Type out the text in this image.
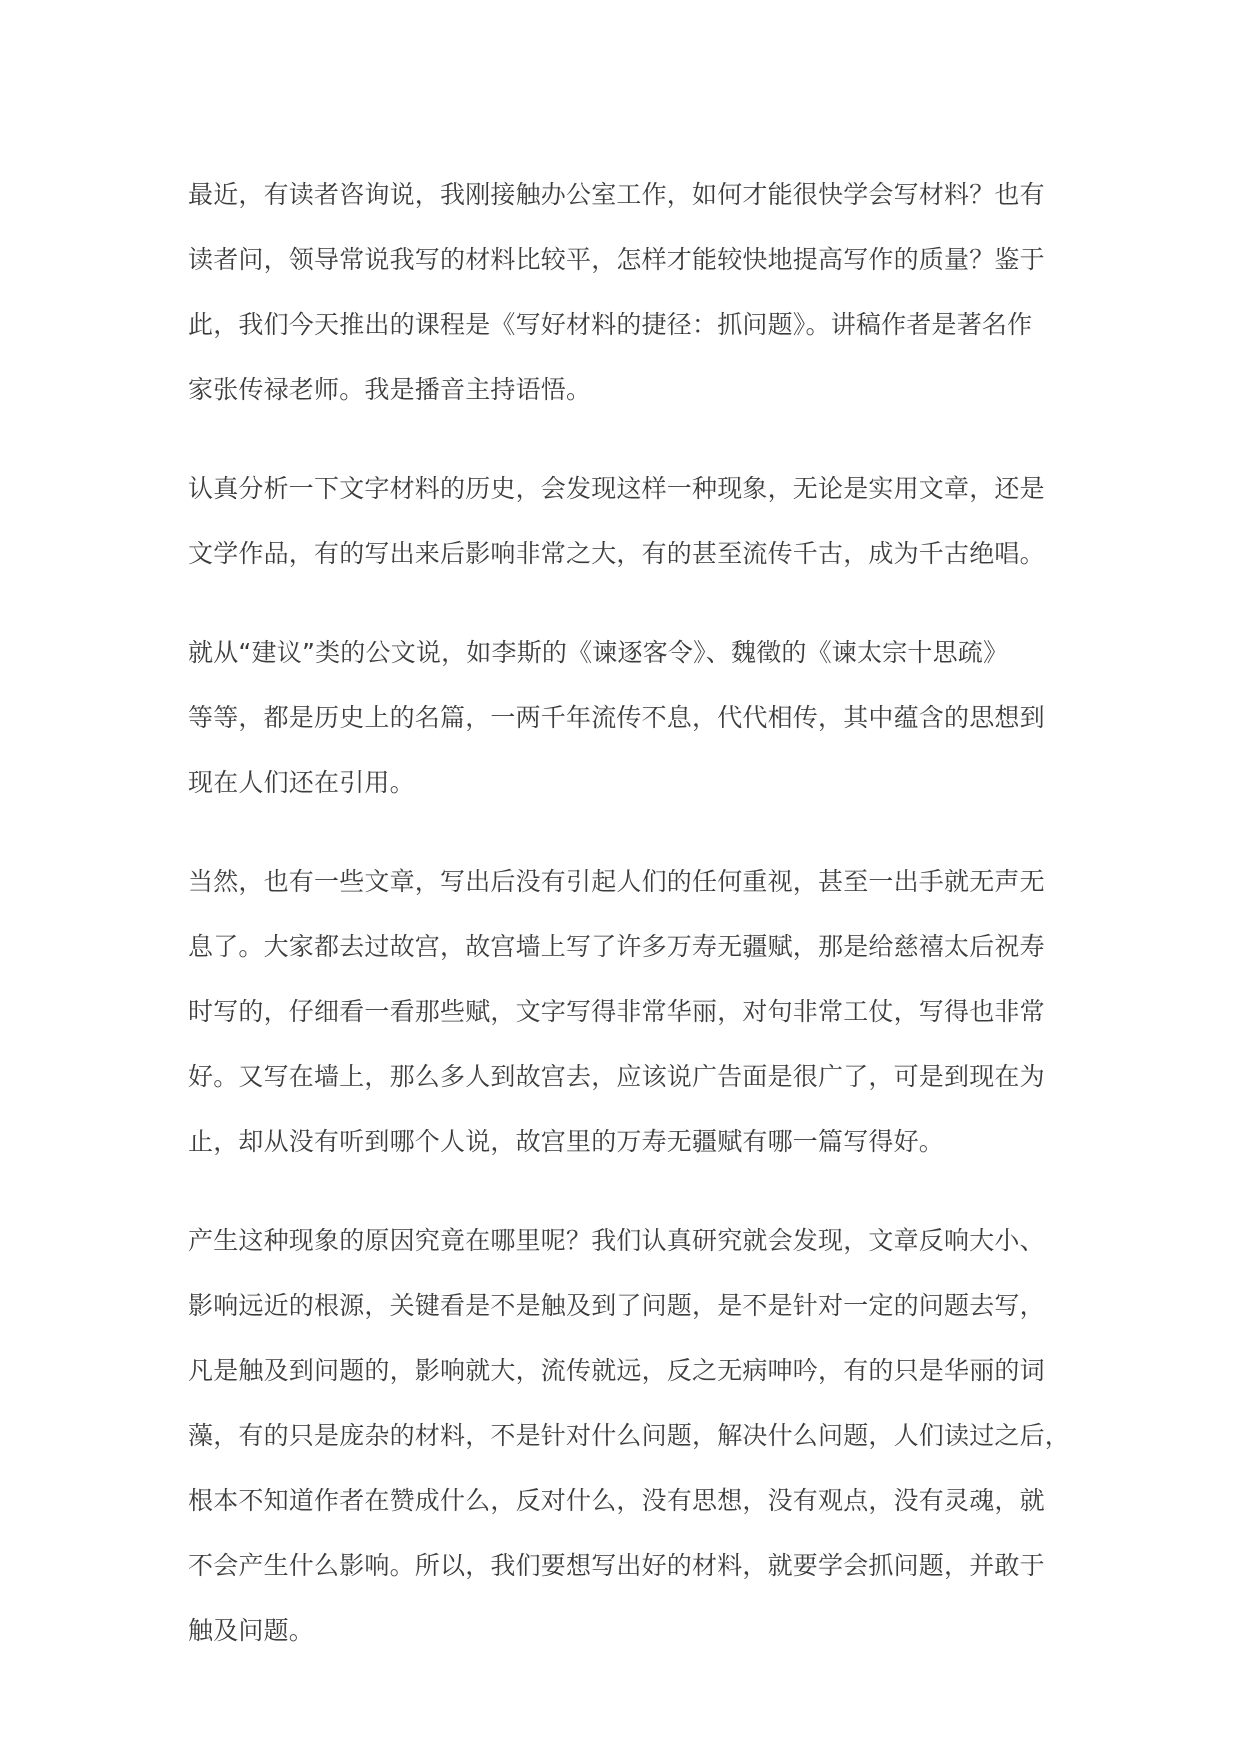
最近，有读者咨询说，我刚接触办公室工作，如何才能很快学会写材料？也有
读者问，领导常说我写的材料比较平，怎样才能较快地提高写作的质量？鉴于
此，我们今天推出的课程是《写好材料的捷径：抓问题》。讲稿作者是著名作
家张传禄老师。我是播音主持语悟。
认真分析一下文字材料的历史，会发现这样一种现象，无论是实用文章，还是
文学作品，有的写出来后影响非常之大，有的甚至流传千古，成为千古绝唱。
就从“建议”类的公文说，如李斯的《谏逐客令》、魏徵的《谏太宗十思疏》
等等，都是历史上的名篇，一两千年流传不息，代代相传，其中蕴含的思想到
现在人们还在引用。
当然，也有一些文章，写出后没有引起人们的任何重视，甚至一出手就无声无
息了。大家都去过故宫，故宫墙上写了许多万寿无疆赋，那是给慈禧太后祝寿
时写的，仔细看一看那些赋，文字写得非常华丽，对句非常工仗，写得也非常
好。又写在墙上，那么多人到故宫去，应该说广告面是很广了，可是到现在为
止，却从没有听到哪个人说，故宫里的万寿无疆赋有哪一篇写得好。
产生这种现象的原因究竟在哪里呢？我们认真研究就会发现，文章反响大小、
影响远近的根源，关键看是不是触及到了问题，是不是针对一定的问题去写，
凡是触及到问题的，影响就大，流传就远，反之无病呻吟，有的只是华丽的词
藻，有的只是庞杂的材料，不是针对什么问题，解决什么问题，人们读过之后，
根本不知道作者在赞成什么，反对什么，没有思想，没有观点，没有灵魂，就
不会产生什么影响。所以，我们要想写出好的材料，就要学会抓问题，并敢于
触及问题。
